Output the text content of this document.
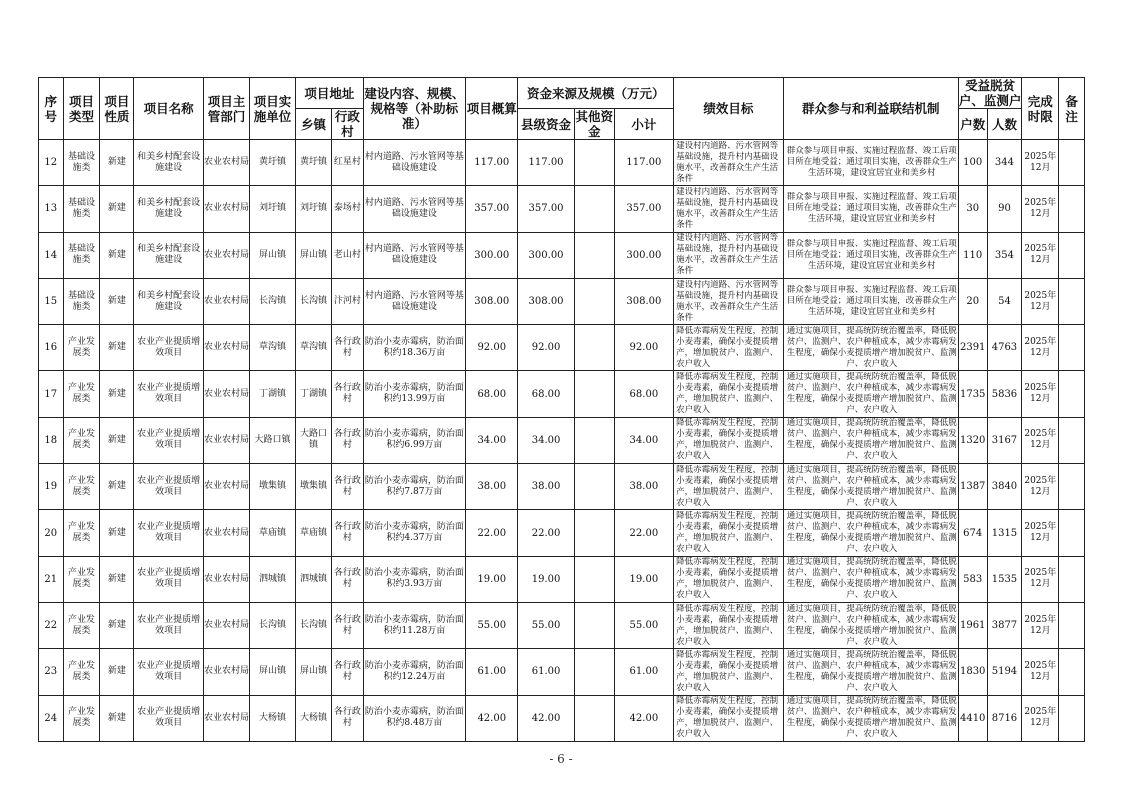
序号	项目类型	项目性质	项目名称	项目主管部门	项目实施单位	项目地址		建设内容、规模、规格等（补助标准）	项目概算	资金来源及规模（万元）			绩效目标	群众参与和利益联结机制	受益脱贫户、监测户		完成时限	备注
						乡镇	行政村			县级资金	其他资金	小计			户数	人数		
12	基础设施类	新建	和美乡村配套设施建设	农业农村局	黄圩镇	黄圩镇	红星村	村内道路、污水管网等基础设施建设	117.00	117.00		117.00	建设村内道路、污水管网等基础设施，提升村内基础设施水平，改善群众生产生活条件	群众参与项目申报、实施过程监督、竣工后项目所在地受益；通过项目实施，改善群众生产生活环境，建设宜居宜业和美乡村	100	344	2025年12月	
13	基础设施类	新建	和美乡村配套设施建设	农业农村局	刘圩镇	刘圩镇	泰场村	村内道路、污水管网等基础设施建设	357.00	357.00		357.00	建设村内道路、污水管网等基础设施，提升村内基础设施水平，改善群众生产生活条件	群众参与项目申报、实施过程监督、竣工后项目所在地受益；通过项目实施，改善群众生产生活环境，建设宜居宜业和美乡村	30	90	2025年12月	
14	基础设施类	新建	和美乡村配套设施建设	农业农村局	屏山镇	屏山镇	老山村	村内道路、污水管网等基础设施建设	300.00	300.00		300.00	建设村内道路、污水管网等基础设施，提升村内基础设施水平，改善群众生产生活条件	群众参与项目申报、实施过程监督、竣工后项目所在地受益；通过项目实施，改善群众生产生活环境，建设宜居宜业和美乡村	110	354	2025年12月	
15	基础设施类	新建	和美乡村配套设施建设	农业农村局	长沟镇	长沟镇	汴河村	村内道路、污水管网等基础设施建设	308.00	308.00		308.00	建设村内道路、污水管网等基础设施，提升村内基础设施水平，改善群众生产生活条件	群众参与项目申报、实施过程监督、竣工后项目所在地受益；通过项目实施，改善群众生产生活环境，建设宜居宜业和美乡村	20	54	2025年12月	
16	产业发展类	新建	农业产业提质增效项目	农业农村局	草沟镇	草沟镇	各行政村	防治小麦赤霉病，防治面积约18.36万亩	92.00	92.00		92.00	降低赤霉病发生程度，控制小麦毒素，确保小麦提质增产，增加脱贫户、监测户、农户收入	通过实施项目，提高统防统治覆盖率，降低脱贫户、监测户、农户种植成本，减少赤霉病发生程度，确保小麦提质增产增加脱贫户、监测户、农户收入	2391	4763	2025年12月	
17	产业发展类	新建	农业产业提质增效项目	农业农村局	丁湖镇	丁湖镇	各行政村	防治小麦赤霉病，防治面积约13.99万亩	68.00	68.00		68.00	降低赤霉病发生程度，控制小麦毒素，确保小麦提质增产，增加脱贫户、监测户、农户收入	通过实施项目，提高统防统治覆盖率，降低脱贫户、监测户、农户种植成本，减少赤霉病发生程度，确保小麦提质增产增加脱贫户、监测户、农户收入	1735	5836	2025年12月	
18	产业发展类	新建	农业产业提质增效项目	农业农村局	大路口镇	大路口镇	各行政村	防治小麦赤霉病，防治面积约6.99万亩	34.00	34.00		34.00	降低赤霉病发生程度，控制小麦毒素，确保小麦提质增产，增加脱贫户、监测户、农户收入	通过实施项目，提高统防统治覆盖率，降低脱贫户、监测户、农户种植成本，减少赤霉病发生程度，确保小麦提质增产增加脱贫户、监测户、农户收入	1320	3167	2025年12月	
19	产业发展类	新建	农业产业提质增效项目	农业农村局	墩集镇	墩集镇	各行政村	防治小麦赤霉病，防治面积约7.87万亩	38.00	38.00		38.00	降低赤霉病发生程度，控制小麦毒素，确保小麦提质增产，增加脱贫户、监测户、农户收入	通过实施项目，提高统防统治覆盖率，降低脱贫户、监测户、农户种植成本，减少赤霉病发生程度，确保小麦提质增产增加脱贫户、监测户、农户收入	1387	3840	2025年12月	
20	产业发展类	新建	农业产业提质增效项目	农业农村局	草庙镇	草庙镇	各行政村	防治小麦赤霉病，防治面积约4.37万亩	22.00	22.00		22.00	降低赤霉病发生程度，控制小麦毒素，确保小麦提质增产，增加脱贫户、监测户、农户收入	通过实施项目，提高统防统治覆盖率，降低脱贫户、监测户、农户种植成本，减少赤霉病发生程度，确保小麦提质增产增加脱贫户、监测户、农户收入	674	1315	2025年12月	
21	产业发展类	新建	农业产业提质增效项目	农业农村局	泗城镇	泗城镇	各行政村	防治小麦赤霉病，防治面积约3.93万亩	19.00	19.00		19.00	降低赤霉病发生程度，控制小麦毒素，确保小麦提质增产，增加脱贫户、监测户、农户收入	通过实施项目，提高统防统治覆盖率，降低脱贫户、监测户、农户种植成本，减少赤霉病发生程度，确保小麦提质增产增加脱贫户、监测户、农户收入	583	1535	2025年12月	
22	产业发展类	新建	农业产业提质增效项目	农业农村局	长沟镇	长沟镇	各行政村	防治小麦赤霉病，防治面积约11.28万亩	55.00	55.00		55.00	降低赤霉病发生程度，控制小麦毒素，确保小麦提质增产，增加脱贫户、监测户、农户收入	通过实施项目，提高统防统治覆盖率，降低脱贫户、监测户、农户种植成本，减少赤霉病发生程度，确保小麦提质增产增加脱贫户、监测户、农户收入	1961	3877	2025年12月	
23	产业发展类	新建	农业产业提质增效项目	农业农村局	屏山镇	屏山镇	各行政村	防治小麦赤霉病，防治面积约12.24万亩	61.00	61.00		61.00	降低赤霉病发生程度，控制小麦毒素，确保小麦提质增产，增加脱贫户、监测户、农户收入	通过实施项目，提高统防统治覆盖率，降低脱贫户、监测户、农户种植成本，减少赤霉病发生程度，确保小麦提质增产增加脱贫户、监测户、农户收入	1830	5194	2025年12月	
24	产业发展类	新建	农业产业提质增效项目	农业农村局	大杨镇	大杨镇	各行政村	防治小麦赤霉病，防治面积约8.48万亩	42.00	42.00		42.00	降低赤霉病发生程度，控制小麦毒素，确保小麦提质增产，增加脱贫户、监测户、农户收入	通过实施项目，提高统防统治覆盖率，降低脱贫户、监测户、农户种植成本，减少赤霉病发生程度，确保小麦提质增产增加脱贫户、监测户、农户收入	4410	8716	2025年12月	
- 6 -
